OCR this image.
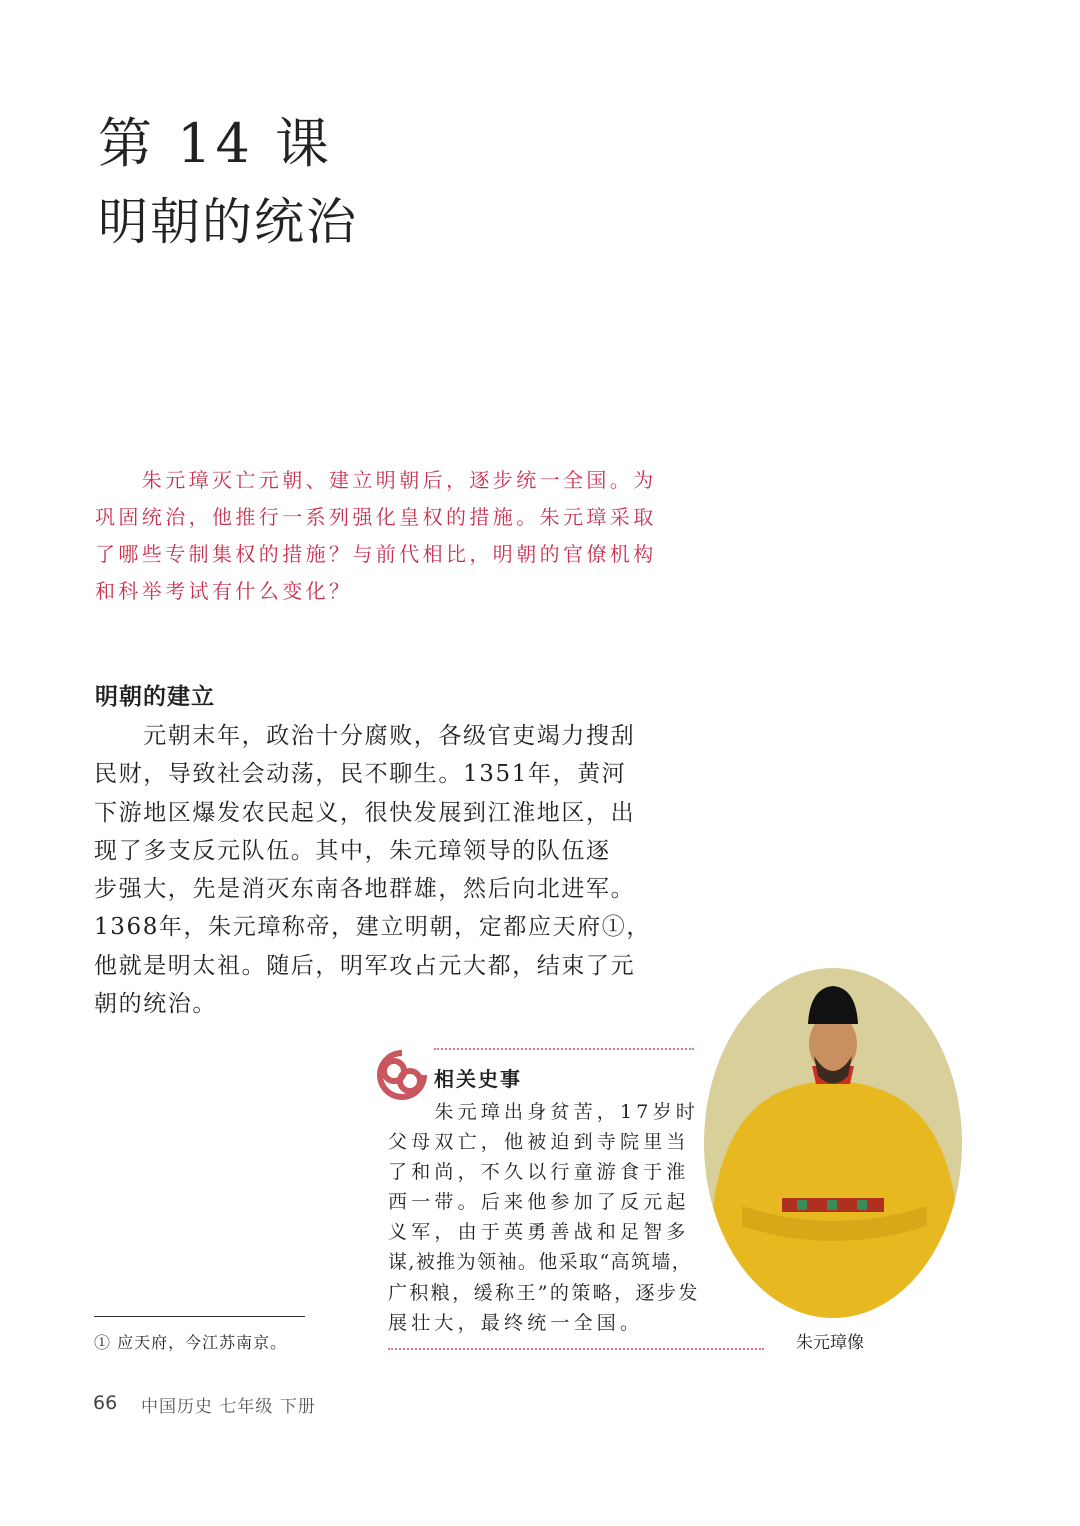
第 14 课
明朝的统治
　　朱元璋灭亡元朝、建立明朝后，逐步统一全国。为
巩固统治，他推行一系列强化皇权的措施。朱元璋采取
了哪些专制集权的措施？与前代相比，明朝的官僚机构
和科举考试有什么变化？
明朝的建立
　　元朝末年，政治十分腐败，各级官吏竭力搜刮
民财，导致社会动荡，民不聊生。1351年，黄河
下游地区爆发农民起义，很快发展到江淮地区，出
现了多支反元队伍。其中，朱元璋领导的队伍逐
步强大，先是消灭东南各地群雄，然后向北进军。
1368年，朱元璋称帝，建立明朝，定都应天府①，
他就是明太祖。随后，明军攻占元大都，结束了元
朝的统治。
相关史事
　　朱元璋出身贫苦，17岁时
父母双亡，他被迫到寺院里当
了和尚，不久以行童游食于淮
西一带。后来他参加了反元起
义军，由于英勇善战和足智多
谋,被推为领袖。他采取“高筑墙，
广积粮，缓称王”的策略，逐步发
展壮大，最终统一全国。
朱元璋像
① 应天府，今江苏南京。
66 中国历史 七年级 下册
